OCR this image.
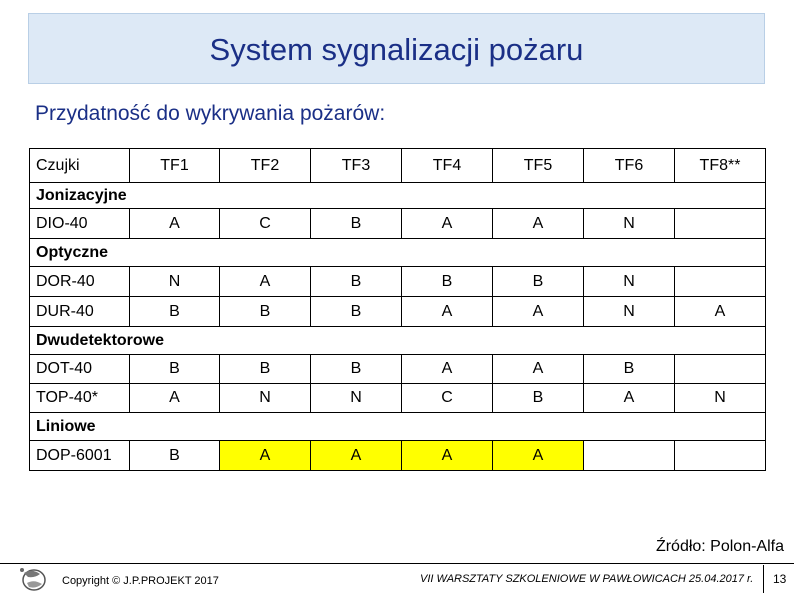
System sygnalizacji pożaru
Przydatność do wykrywania pożarów:
Czujki	TF1	TF2	TF3	TF4	TF5	TF6	TF8**
Jonizacyjne							
DIO-40	A	C	B	A	A	N	
Optyczne							
DOR-40	N	A	B	B	B	N	
DUR-40	B	B	B	A	A	N	A
Dwudetektorowe							
DOT-40	B	B	B	A	A	B	
TOP-40*	A	N	N	C	B	A	N
Liniowe							
DOP-6001	B	A	A	A	A		
Źródło: Polon-Alfa
Copyright © J.P.PROJEKT 2017	VII WARSZTATY SZKOLENIOWE W PAWŁOWICACH 25.04.2017 r. 13
